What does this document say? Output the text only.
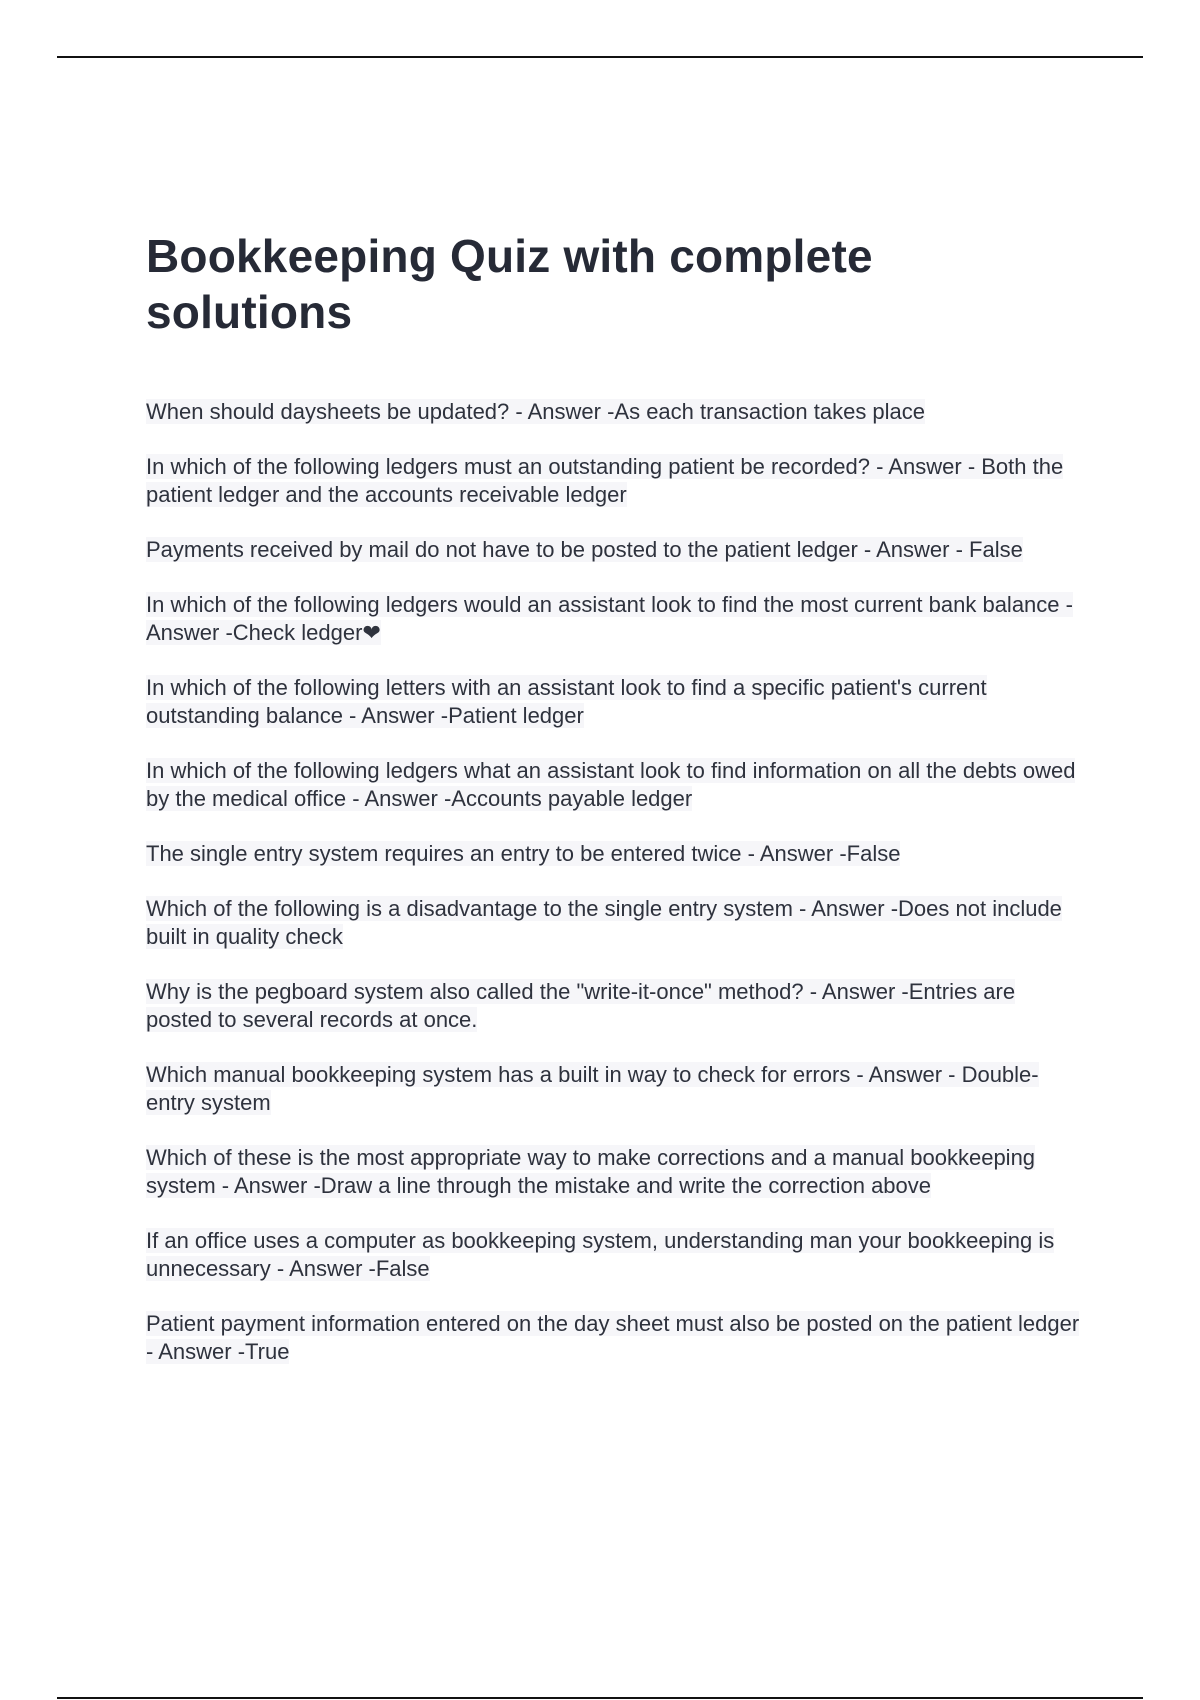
Bookkeeping Quiz with complete solutions
When should daysheets be updated? - Answer -As each transaction takes place
In which of the following ledgers must an outstanding patient be recorded? - Answer - Both the patient ledger and the accounts receivable ledger
Payments received by mail do not have to be posted to the patient ledger - Answer - False
In which of the following ledgers would an assistant look to find the most current bank balance - Answer -Check ledger❤
In which of the following letters with an assistant look to find a specific patient's current outstanding balance - Answer -Patient ledger
In which of the following ledgers what an assistant look to find information on all the debts owed by the medical office - Answer -Accounts payable ledger
The single entry system requires an entry to be entered twice - Answer -False
Which of the following is a disadvantage to the single entry system - Answer -Does not include built in quality check
Why is the pegboard system also called the "write-it-once" method? - Answer -Entries are posted to several records at once.
Which manual bookkeeping system has a built in way to check for errors - Answer - Double-entry system
Which of these is the most appropriate way to make corrections and a manual bookkeeping system - Answer -Draw a line through the mistake and write the correction above
If an office uses a computer as bookkeeping system, understanding man your bookkeeping is unnecessary - Answer -False
Patient payment information entered on the day sheet must also be posted on the patient ledger - Answer -True
